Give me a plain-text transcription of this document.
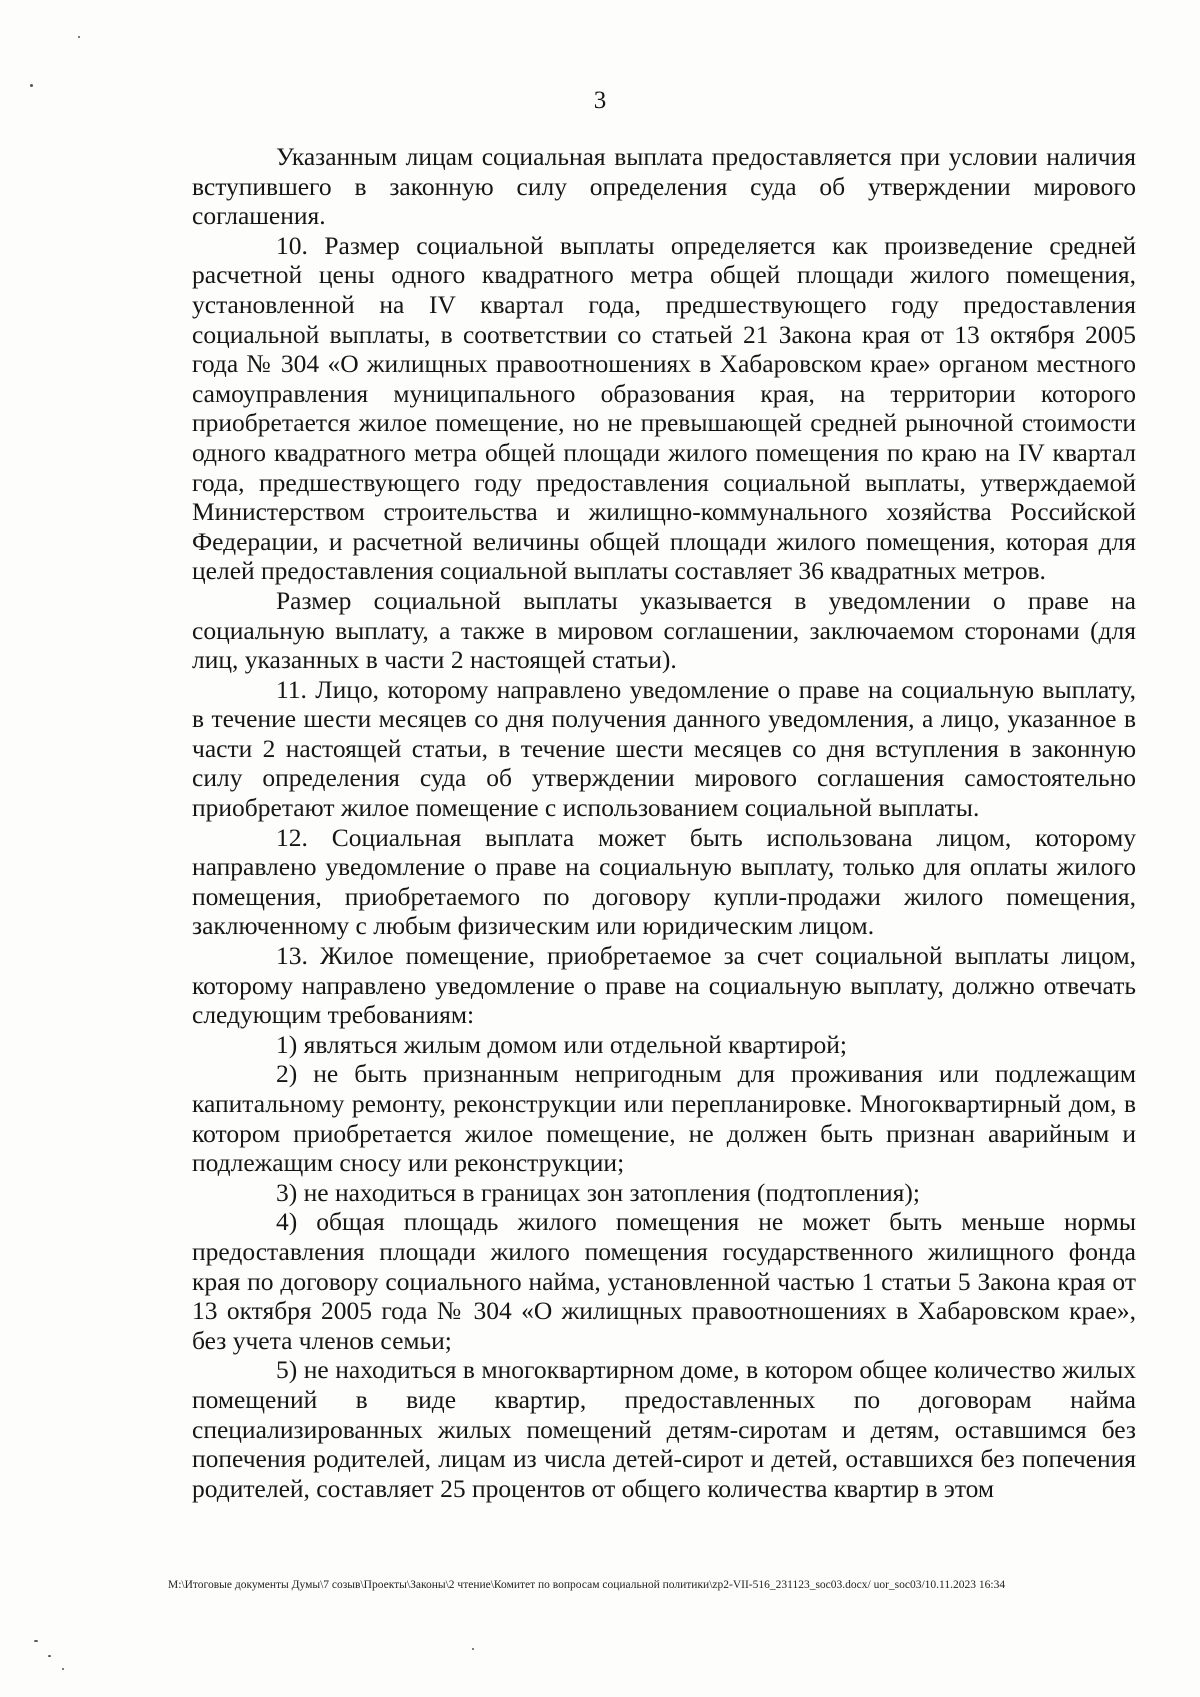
3

Указанным лицам социальная выплата предоставляется при условии наличия вступившего в законную силу определения суда об утверждении мирового соглашения.

10. Размер социальной выплаты определяется как произведение средней расчетной цены одного квадратного метра общей площади жилого помещения, установленной на IV квартал года, предшествующего году предоставления социальной выплаты, в соответствии со статьей 21 Закона края от 13 октября 2005 года № 304 «О жилищных правоотношениях в Хабаровском крае» органом местного самоуправления муниципального образования края, на территории которого приобретается жилое помещение, но не превышающей средней рыночной стоимости одного квадратного метра общей площади жилого помещения по краю на IV квартал года, предшествующего году предоставления социальной выплаты, утверждаемой Министерством строительства и жилищно-коммунального хозяйства Российской Федерации, и расчетной величины общей площади жилого помещения, которая для целей предоставления социальной выплаты составляет 36 квадратных метров.

Размер социальной выплаты указывается в уведомлении о праве на социальную выплату, а также в мировом соглашении, заключаемом сторонами (для лиц, указанных в части 2 настоящей статьи).

11. Лицо, которому направлено уведомление о праве на социальную выплату, в течение шести месяцев со дня получения данного уведомления, а лицо, указанное в части 2 настоящей статьи, в течение шести месяцев со дня вступления в законную силу определения суда об утверждении мирового соглашения самостоятельно приобретают жилое помещение с использованием социальной выплаты.

12. Социальная выплата может быть использована лицом, которому направлено уведомление о праве на социальную выплату, только для оплаты жилого помещения, приобретаемого по договору купли-продажи жилого помещения, заключенному с любым физическим или юридическим лицом.

13. Жилое помещение, приобретаемое за счет социальной выплаты лицом, которому направлено уведомление о праве на социальную выплату, должно отвечать следующим требованиям:

1) являться жилым домом или отдельной квартирой;

2) не быть признанным непригодным для проживания или подлежащим капитальному ремонту, реконструкции или перепланировке. Многоквартирный дом, в котором приобретается жилое помещение, не должен быть признан аварийным и подлежащим сносу или реконструкции;

3) не находиться в границах зон затопления (подтопления);

4) общая площадь жилого помещения не может быть меньше нормы предоставления площади жилого помещения государственного жилищного фонда края по договору социального найма, установленной частью 1 статьи 5 Закона края от 13 октября 2005 года № 304 «О жилищных правоотношениях в Хабаровском крае», без учета членов семьи;

5) не находиться в многоквартирном доме, в котором общее количество жилых помещений в виде квартир, предоставленных по договорам найма специализированных жилых помещений детям-сиротам и детям, оставшимся без попечения родителей, лицам из числа детей-сирот и детей, оставшихся без попечения родителей, составляет 25 процентов от общего количества квартир в этом

M:\Итоговые документы Думы\7 созыв\Проекты\Законы\2 чтение\Комитет по вопросам социальной политики\zp2-VII-516_231123_soc03.docx/ uor_soc03/10.11.2023 16:34
